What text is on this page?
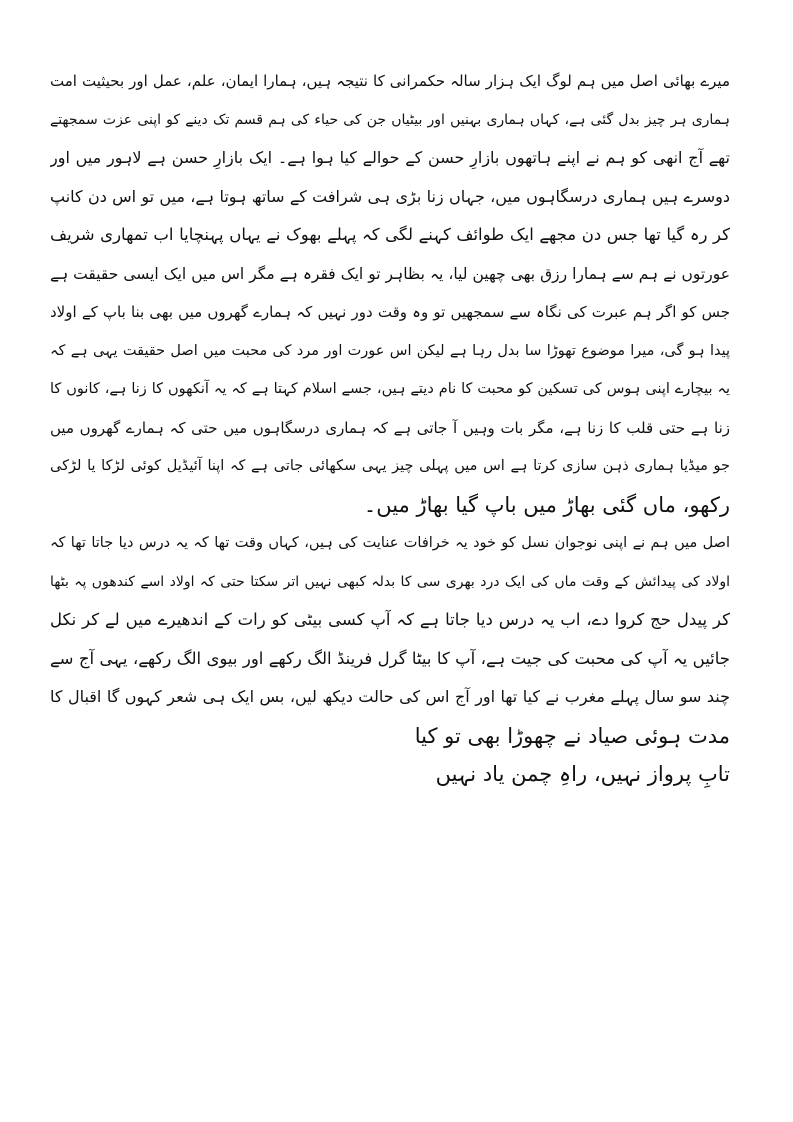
میرے بھائی اصل میں ہم لوگ ایک ہزار سالہ حکمرانی کا نتیجہ ہیں، ہمارا ایمان، علم، عمل اور بحیثیت امت
ہماری ہر چیز بدل گئی ہے، کہاں ہماری بہنیں اور بیٹیاں جن کی حیاء کی ہم قسم تک دینے کو اپنی عزت سمجھتے
تھے آج انھی کو ہم نے اپنے ہاتھوں بازارِ حسن کے حوالے کیا ہوا ہے۔ ایک بازارِ حسن ہے لاہور میں اور
دوسرے ہیں ہماری درسگاہوں میں، جہاں زنا بڑی ہی شرافت کے ساتھ ہوتا ہے، میں تو اس دن کانپ
کر رہ گیا تھا جس دن مجھے ایک طوائف کہنے لگی کہ پہلے بھوک نے یہاں پہنچایا اب تمھاری شریف
عورتوں نے ہم سے ہمارا رزق بھی چھین لیا، یہ بظاہر تو ایک فقرہ ہے مگر اس میں ایک ایسی حقیقت ہے
جس کو اگر ہم عبرت کی نگاہ سے سمجھیں تو وہ وقت دور نہیں کہ ہمارے گھروں میں بھی بنا باپ کے اولاد
پیدا ہو گی، میرا موضوع تھوڑا سا بدل رہا ہے لیکن اس عورت اور مرد کی محبت میں اصل حقیقت یہی ہے کہ
یہ بیچارے اپنی ہوس کی تسکین کو محبت کا نام دیتے ہیں، جسے اسلام کہتا ہے کہ یہ آنکھوں کا زنا ہے، کانوں کا
زنا ہے حتی قلب کا زنا ہے، مگر بات وہیں آ جاتی ہے کہ ہماری درسگاہوں میں حتی کہ ہمارے گھروں میں
جو میڈیا ہماری ذہن سازی کرتا ہے اس میں پہلی چیز یہی سکھائی جاتی ہے کہ اپنا آئیڈیل کوئی لڑکا یا لڑکی
رکھو، ماں گئی بھاڑ میں باپ گیا بھاڑ میں۔
اصل میں ہم نے اپنی نوجوان نسل کو خود یہ خرافات عنایت کی ہیں، کہاں وقت تھا کہ یہ درس دیا جاتا تھا کہ
اولاد کی پیدائش کے وقت ماں کی ایک درد بھری سی کا بدلہ کبھی نہیں اتر سکتا حتی کہ اولاد اسے کندھوں پہ بٹھا
کر پیدل حج کروا دے، اب یہ درس دیا جاتا ہے کہ آپ کسی بیٹی کو رات کے اندھیرے میں لے کر نکل
جائیں یہ آپ کی محبت کی جیت ہے، آپ کا بیٹا گرل فرینڈ الگ رکھے اور بیوی الگ رکھے، یہی آج سے
چند سو سال پہلے مغرب نے کیا تھا اور آج اس کی حالت دیکھ لیں، بس ایک ہی شعر کہوں گا اقبال کا
مدت ہوئی صیاد نے چھوڑا بھی تو کیا
تابِ پرواز نہیں، راہِ چمن یاد نہیں
